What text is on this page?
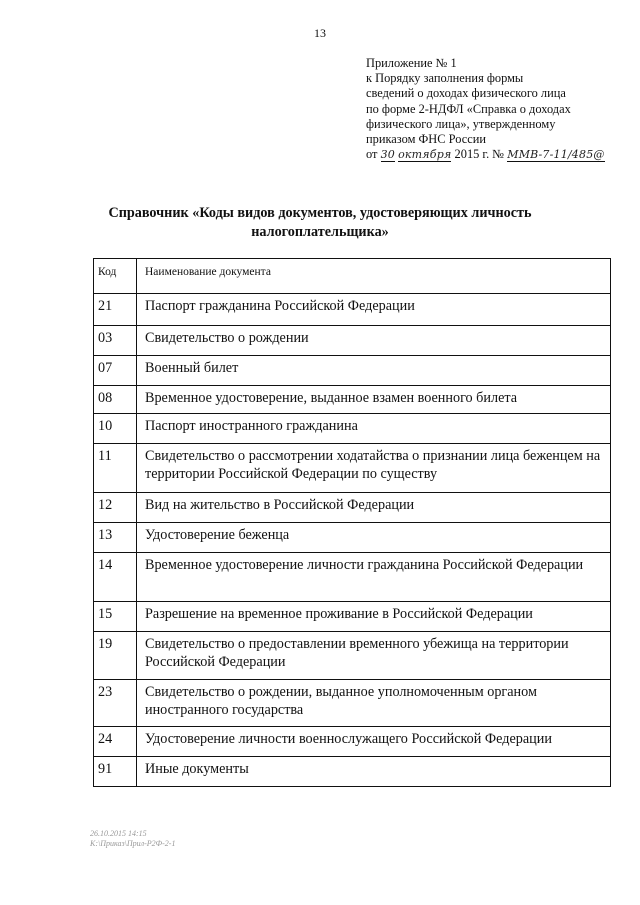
13
Приложение № 1
к Порядку заполнения формы
сведений о доходах физического лица
по форме 2-НДФЛ «Справка о доходах
физического лица», утвержденному
приказом ФНС России
от 30 октября 2015 г. № ММВ-7-11/485@
Справочник «Коды видов документов, удостоверяющих личность
налогоплательщика»
Код	Наименование документа
21	Паспорт гражданина Российской Федерации
03	Свидетельство о рождении
07	Военный билет
08	Временное удостоверение, выданное взамен военного билета
10	Паспорт иностранного гражданина
11	Свидетельство о рассмотрении ходатайства о признании лица беженцем на территории Российской Федерации по существу
12	Вид на жительство в Российской Федерации
13	Удостоверение беженца
14	Временное удостоверение личности гражданина Российской Федерации
15	Разрешение на временное проживание в Российской Федерации
19	Свидетельство о предоставлении временного убежища на территории Российской Федерации
23	Свидетельство о рождении, выданное уполномоченным органом иностранного государства
24	Удостоверение личности военнослужащего Российской Федерации
91	Иные документы
26.10.2015 14:15
К:\Приказ\Прил-Р2Ф-2-1
